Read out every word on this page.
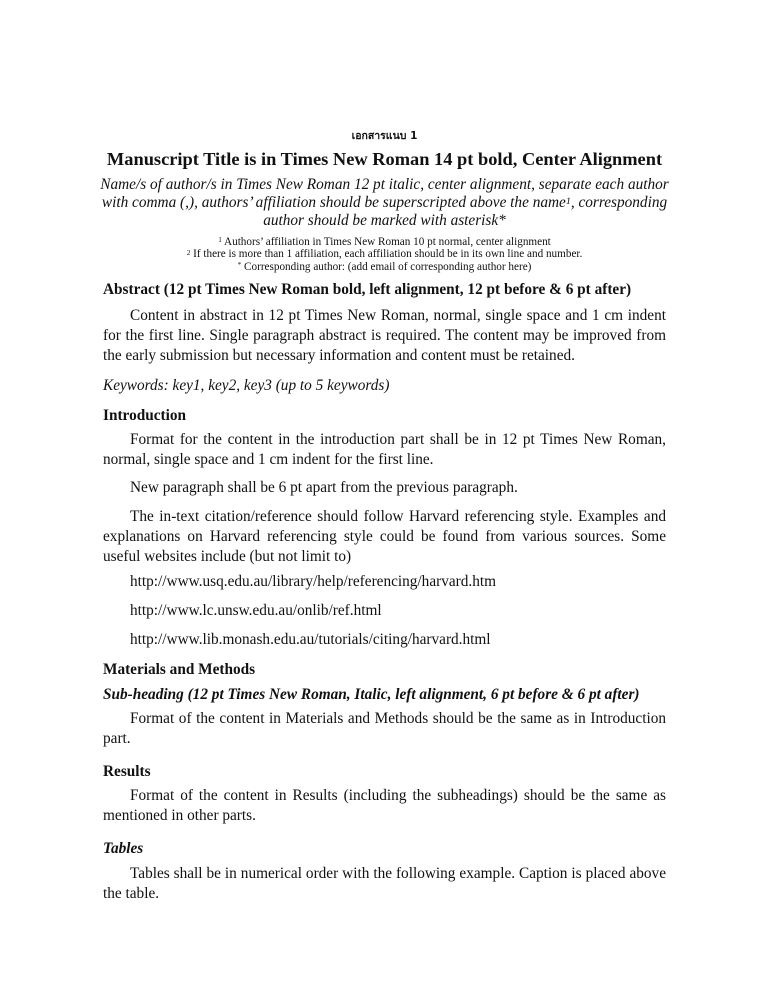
เอกสารแนบ 1
Manuscript Title is in Times New Roman 14 pt bold, Center Alignment
Name/s of author/s in Times New Roman 12 pt italic, center alignment, separate each author with comma (,), authors’ affiliation should be superscripted above the name$^1$, corresponding author should be marked with asterisk*
$^1$ Authors’ affiliation in Times New Roman 10 pt normal, center alignment
$^2$ If there is more than 1 affiliation, each affiliation should be in its own line and number.
* Corresponding author: (add email of corresponding author here)
Abstract (12 pt Times New Roman bold, left alignment, 12 pt before & 6 pt after)
Content in abstract in 12 pt Times New Roman, normal, single space and 1 cm indent for the first line. Single paragraph abstract is required. The content may be improved from the early submission but necessary information and content must be retained.
Keywords: key1, key2, key3 (up to 5 keywords)
Introduction
Format for the content in the introduction part shall be in 12 pt Times New Roman, normal, single space and 1 cm indent for the first line.
New paragraph shall be 6 pt apart from the previous paragraph.
The in-text citation/reference should follow Harvard referencing style. Examples and explanations on Harvard referencing style could be found from various sources. Some useful websites include (but not limit to)
http://www.usq.edu.au/library/help/referencing/harvard.htm
http://www.lc.unsw.edu.au/onlib/ref.html
http://www.lib.monash.edu.au/tutorials/citing/harvard.html
Materials and Methods
Sub-heading (12 pt Times New Roman, Italic, left alignment, 6 pt before & 6 pt after)
Format of the content in Materials and Methods should be the same as in Introduction part.
Results
Format of the content in Results (including the subheadings) should be the same as mentioned in other parts.
Tables
Tables shall be in numerical order with the following example. Caption is placed above the table.
